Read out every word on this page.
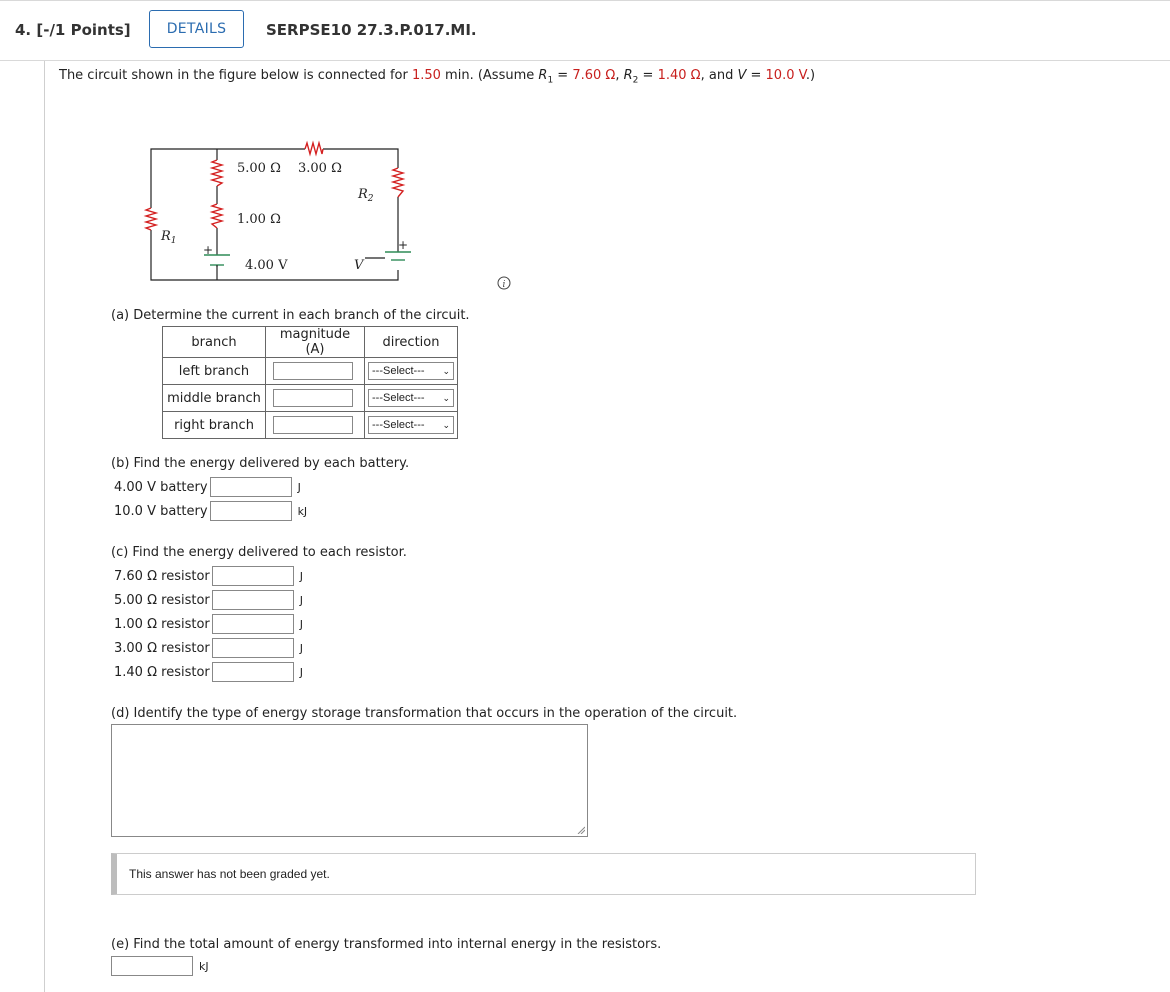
4. [-/1 Points]	DETAILS	SERPSE10 27.3.P.017.MI.
The circuit shown in the figure below is connected for 1.50 min. (Assume $R_1 = 7.60$ Ω, $R_2 = 1.40$ Ω, and V = 10.0 V.)
5.00 Ω 3.00 Ω
1.00 Ω
4.00 V
$R_1$
$R_2$
V
+	+
i
(a) Determine the current in each branch of the circuit.
branch	magnitude (A)	direction
left branch		---Select--- ⌄

middle branch		---Select--- ⌄

right branch		---Select--- ⌄
(b) Find the energy delivered by each battery.
4.00 V battery	J
10.0 V battery	kJ
(c) Find the energy delivered to each resistor.
7.60 Ω resistor	J
5.00 Ω resistor	J
1.00 Ω resistor	J
3.00 Ω resistor	J
1.40 Ω resistor	J
(d) Identify the type of energy storage transformation that occurs in the operation of the circuit.
This answer has not been graded yet.
(e) Find the total amount of energy transformed into internal energy in the resistors.
kJ
